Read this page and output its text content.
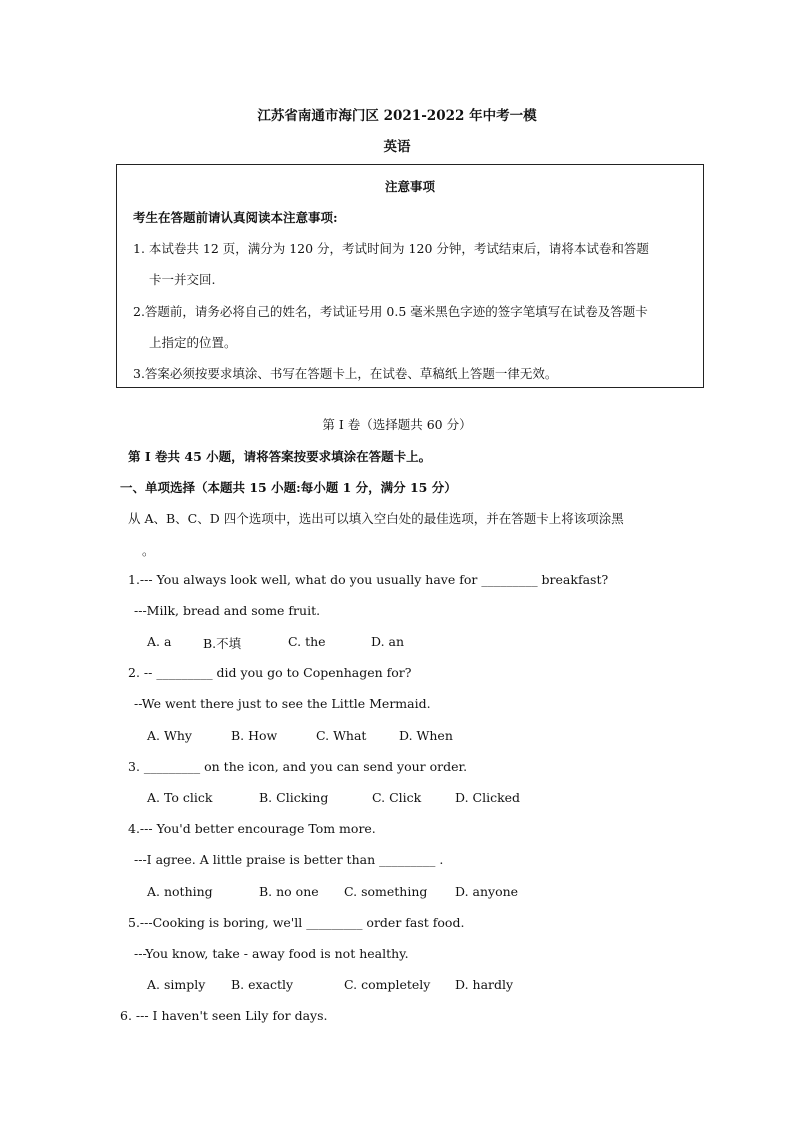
江苏省南通市海门区 2021-2022 年中考一模
英语
注意事项
考生在答题前请认真阅读本注意事项:
1. 本试卷共 12 页，满分为 120 分，考试时间为 120 分钟，考试结束后，请将本试卷和答题
卡一并交回.
2.答题前，请务必将自己的姓名，考试证号用 0.5 毫米黑色字迹的签字笔填写在试卷及答题卡
上指定的位置。
3.答案必须按要求填涂、书写在答题卡上，在试卷、草稿纸上答题一律无效。
第 Ⅰ 卷（选择题共 60 分）
第 Ⅰ 卷共 45 小题，请将答案按要求填涂在答题卡上。
一、单项选择（本题共 15 小题:每小题 1 分，满分 15 分）
从 A、B、C、D 四个选项中，选出可以填入空白处的最佳选项，并在答题卡上将该项涂黑
。
1.--- You always look well, what do you usually have for _________ breakfast?
---Milk, bread and some fruit.
A. a	B.不填	C. the	D. an
2. -- _________ did you go to Copenhagen for?
--We went there just to see the Little Mermaid.
A. Why	B. How	C. What	D. When
3. _________ on the icon, and you can send your order.
A. To click	B. Clicking	C. Click	D. Clicked
4.--- You'd better encourage Tom more.
---I agree. A little praise is better than _________ .
A. nothing	B. no one C. something D. anyone
5.---Cooking is boring, we'll _________ order fast food.
---You know, take - away food is not healthy.
A. simply B. exactly	C. completely D. hardly
6. --- I haven't seen Lily for days.
